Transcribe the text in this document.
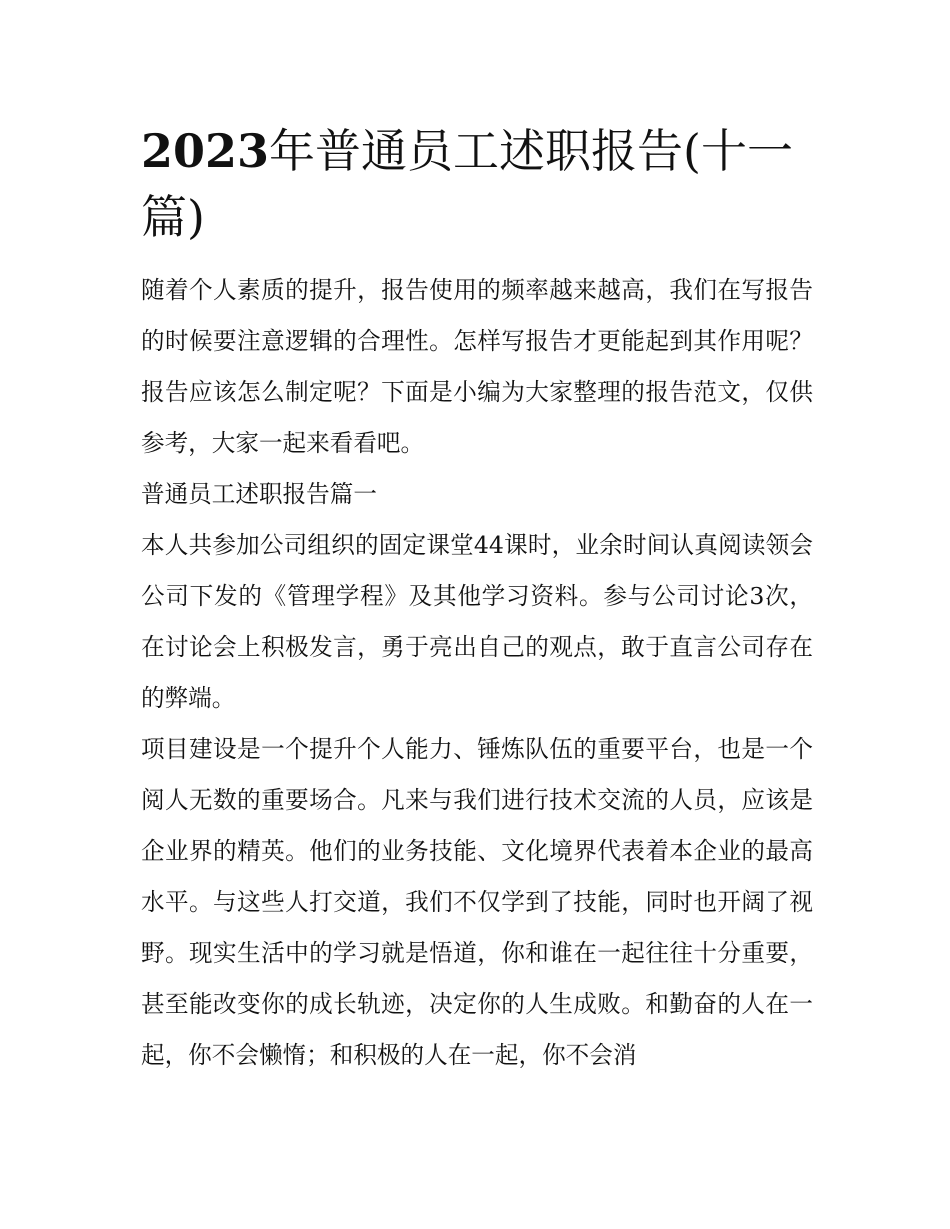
2023年普通员工述职报告(十一篇)

随着个人素质的提升，报告使用的频率越来越高，我们在写报告的时候要注意逻辑的合理性。怎样写报告才更能起到其作用呢？报告应该怎么制定呢？下面是小编为大家整理的报告范文，仅供参考，大家一起来看看吧。

普通员工述职报告篇一

本人共参加公司组织的固定课堂44课时，业余时间认真阅读领会公司下发的《管理学程》及其他学习资料。参与公司讨论3次，在讨论会上积极发言，勇于亮出自己的观点，敢于直言公司存在的弊端。

项目建设是一个提升个人能力、锤炼队伍的重要平台，也是一个阅人无数的重要场合。凡来与我们进行技术交流的人员，应该是企业界的精英。他们的业务技能、文化境界代表着本企业的最高水平。与这些人打交道，我们不仅学到了技能，同时也开阔了视野。现实生活中的学习就是悟道，你和谁在一起往往十分重要，甚至能改变你的成长轨迹，决定你的人生成败。和勤奋的人在一起，你不会懒惰；和积极的人在一起，你不会消
